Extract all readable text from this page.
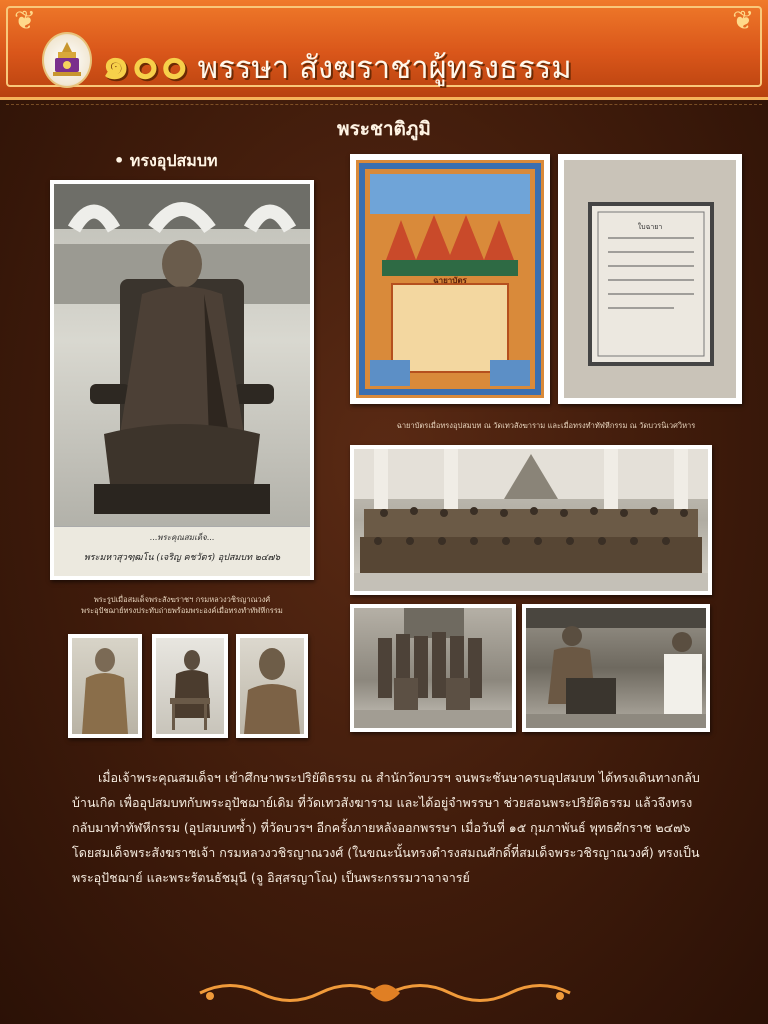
❦	❦
๑๐๐ พรรษา สังฆราชาผู้ทรงธรรม
พระชาติภูมิ
• ทรงอุปสมบท
...พระคุณสมเด็จ...
พระมหาสุวฑฺฒโน (เจริญ คชวัตร) อุปสมบท ๒๔๗๖
พระรูปเมื่อสมเด็จพระสังฆราชฯ กรมหลวงวชิรญาณวงศ์
พระอุปัชฌาย์ทรงประทับถ่ายพร้อมพระองค์เมื่อทรงทำทัฬหีกรรม
ฉายาบัตร
ใบฉายา
ฉายาบัตรเมื่อทรงอุปสมบท ณ วัดเทวสังฆาราม และเมื่อทรงทำทัฬหีกรรม ณ วัดบวรนิเวศวิหาร

เมื่อเจ้าพระคุณสมเด็จฯ เข้าศึกษาพระปริยัติธรรม ณ สำนักวัดบวรฯ จนพระชันษาครบอุปสมบท ได้ทรงเดินทางกลับบ้านเกิด เพื่ออุปสมบทกับพระอุปัชฌาย์เดิม ที่วัดเทวสังฆาราม และได้อยู่จำพรรษา ช่วยสอนพระปริยัติธรรม แล้วจึงทรงกลับมาทำทัฬหีกรรม (อุปสมบทซ้ำ) ที่วัดบวรฯ อีกครั้งภายหลังออกพรรษา เมื่อวันที่ ๑๕ กุมภาพันธ์ พุทธศักราช ๒๔๗๖ โดยสมเด็จพระสังฆราชเจ้า กรมหลวงวชิรญาณวงศ์ (ในขณะนั้นทรงดำรงสมณศักดิ์ที่สมเด็จพระวชิรญาณวงศ์) ทรงเป็นพระอุปัชฌาย์ และพระรัตนธัชมุนี (จู อิสฺสรญาโณ) เป็นพระกรรมวาจาจารย์
